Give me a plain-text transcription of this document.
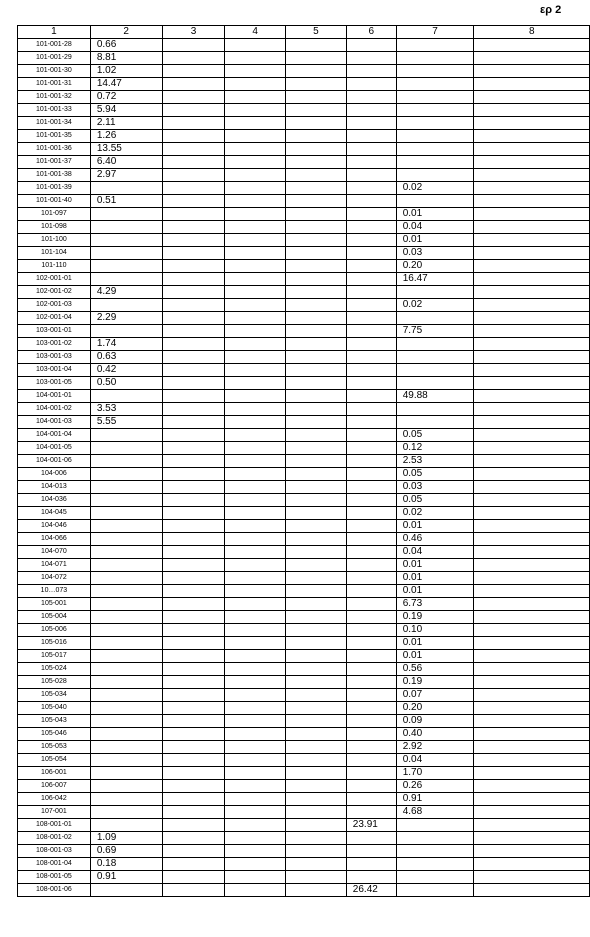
ερ 2
1	2	3	4	5	6	7	8
101-001-28	0.66						
101-001-29	8.81						
101-001-30	1.02						
101-001-31	14.47						
101-001-32	0.72						
101-001-33	5.94						
101-001-34	2.11						
101-001-35	1.26						
101-001-36	13.55						
101-001-37	6.40						
101-001-38	2.97						
101-001-39						0.02	
101-001-40	0.51						
101-097						0.01	
101-098						0.04	
101-100						0.01	
101-104						0.03	
101-110						0.20	
102-001-01						16.47	
102-001-02	4.29						
102-001-03						0.02	
102-001-04	2.29						
103-001-01						7.75	
103-001-02	1.74						
103-001-03	0.63						
103-001-04	0.42						
103-001-05	0.50						
104-001-01						49.88	
104-001-02	3.53						
104-001-03	5.55						
104-001-04						0.05	
104-001-05						0.12	
104-001-06						2.53	
104-006						0.05	
104-013						0.03	
104-036						0.05	
104-045						0.02	
104-046						0.01	
104-066						0.46	
104-070						0.04	
104-071						0.01	
104-072						0.01	
10…073						0.01	
105-001						6.73	
105-004						0.19	
105-006						0.10	
105-016						0.01	
105-017						0.01	
105-024						0.56	
105-028						0.19	
105-034						0.07	
105-040						0.20	
105-043						0.09	
105-046						0.40	
105-053						2.92	
105-054						0.04	
106-001						1.70	
106-007						0.26	
106-042						0.91	
107-001						4.68	
108-001-01					23.91		
108-001-02	1.09						
108-001-03	0.69						
108-001-04	0.18						
108-001-05	0.91						
108-001-06					26.42		
